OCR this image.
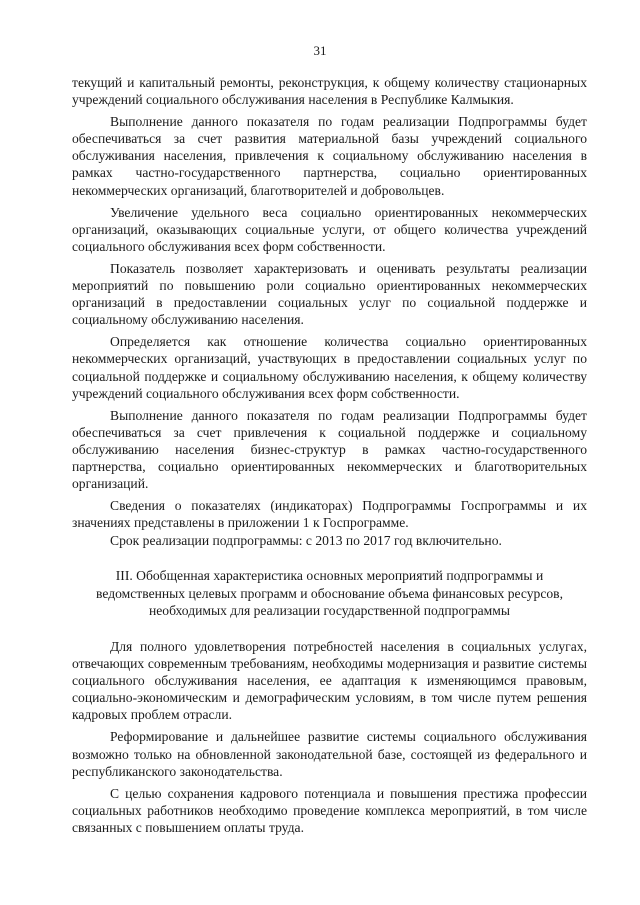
31

текущий и капитальный ремонты, реконструкция, к общему количеству стационарных учреждений социального обслуживания населения в Республике Калмыкия.

Выполнение данного показателя по годам реализации Подпрограммы будет обеспечиваться за счет развития материальной базы учреждений социального обслуживания населения, привлечения к социальному обслуживанию населения в рамках частно-государственного партнерства, социально ориентированных некоммерческих организаций, благотворителей и добровольцев.

Увеличение удельного веса социально ориентированных некоммерческих организаций, оказывающих социальные услуги, от общего количества учреждений социального обслуживания всех форм собственности.

Показатель позволяет характеризовать и оценивать результаты реализации мероприятий по повышению роли социально ориентированных некоммерческих организаций в предоставлении социальных услуг по социальной поддержке и социальному обслуживанию населения.

Определяется как отношение количества социально ориентированных некоммерческих организаций, участвующих в предоставлении социальных услуг по социальной поддержке и социальному обслуживанию населения, к общему количеству учреждений социального обслуживания всех форм собственности.

Выполнение данного показателя по годам реализации Подпрограммы будет обеспечиваться за счет привлечения к социальной поддержке и социальному обслуживанию населения бизнес-структур в рамках частно-государственного партнерства, социально ориентированных некоммерческих и благотворительных организаций.

Сведения о показателях (индикаторах) Подпрограммы Госпрограммы и их значениях представлены в приложении 1 к Госпрограмме.

Срок реализации подпрограммы: с 2013 по 2017 год включительно.

III. Обобщенная характеристика основных мероприятий подпрограммы и ведомственных целевых программ и обоснование объема финансовых ресурсов, необходимых для реализации государственной подпрограммы

Для полного удовлетворения потребностей населения в социальных услугах, отвечающих современным требованиям, необходимы модернизация и развитие системы социального обслуживания населения, ее адаптация к изменяющимся правовым, социально-экономическим и демографическим условиям, в том числе путем решения кадровых проблем отрасли.

Реформирование и дальнейшее развитие системы социального обслуживания возможно только на обновленной законодательной базе, состоящей из федерального и республиканского законодательства.

С целью сохранения кадрового потенциала и повышения престижа профессии социальных работников необходимо проведение комплекса мероприятий, в том числе связанных с повышением оплаты труда.
